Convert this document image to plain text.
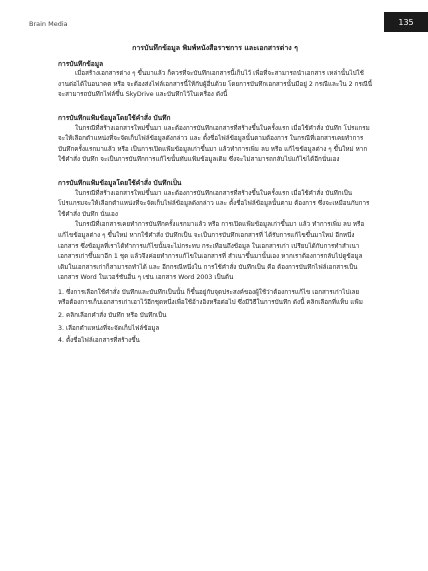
Brain Media	135
การบันทึกข้อมูล พิมพ์หนังสือราชการ และเอกสารต่าง ๆ
การบันทึกข้อมูล
เมื่อสร้างเอกสารต่าง ๆ ขึ้นมาแล้ว ก็ควรที่จะบันทึกเอกสารนี้เก็บไว้ เพื่อที่จะสามารถนำเอกสาร เหล่านั้นไปใช้งานต่อได้ในอนาคต หรือ จะต้องส่งไฟล์เอกสารนี้ให้กับผู้อื่นด้วย โดยการบันทึกเอกสารนั้นมีอยู่ 2 กรณีและใน 2 กรณีนี้จะสามารถบันทึกไฟล์ขึ้น SkyDrive และบันทึกไว้ในเครื่อง ดังนี้
การบันทึกแฟ้มข้อมูลโดยใช้คำสั่ง บันทึก
ในกรณีที่สร้างเอกสารใหม่ขึ้นมา และต้องการบันทึกเอกสารที่สร้างขึ้นในครั้งแรก เมื่อใช้คำสั่ง บันทึก โปรแกรมจะให้เลือกตำแหน่งที่จะจัดเก็บไฟล์ข้อมูลดังกล่าว และ ตั้งชื่อไฟล์ข้อมูลนั้นตามต้องการ ในกรณีที่เอกสารเคยทำการบันทึกครั้งแรกมาแล้ว หรือ เป็นการเปิดแฟ้มข้อมูลเก่าขึ้นมา แล้วทำการเพิ่ม ลบ หรือ แก้ไขข้อมูลต่าง ๆ ขึ้นใหม่ หากใช้คำสั่ง บันทึก จะเป็นการบันทึกการแก้ไขนั้นทับแฟ้มข้อมูลเดิม ซึ่งจะไม่สามารถกลับไปแก้ไขได้อีกนั่นเอง
การบันทึกแฟ้มข้อมูลโดยใช้คำสั่ง บันทึกเป็น
ในกรณีที่สร้างเอกสารใหม่ขึ้นมา และต้องการบันทึกเอกสารที่สร้างขึ้นในครั้งแรก เมื่อใช้คำสั่ง บันทึกเป็น โปรแกรมจะให้เลือกตำแหน่งที่จะจัดเก็บไฟล์ข้อมูลดังกล่าว และ ตั้งชื่อไฟล์ข้อมูลนั้นตาม ต้องการ ซึ่งจะเหมือนกับการใช้คำสั่ง บันทึก นั่นเอง
ในกรณีที่เอกสารเคยทำการบันทึกครั้งแรกมาแล้ว หรือ การเปิดแฟ้มข้อมูลเก่าขึ้นมา แล้ว ทำการเพิ่ม ลบ หรือ แก้ไขข้อมูลต่าง ๆ ขึ้นใหม่ หากใช้คำสั่ง บันทึกเป็น จะเป็นการบันทึกเอกสารที่ ได้รับการแก้ไขขึ้นมาใหม่ อีกหนึ่งเอกสาร ซึ่งข้อมูลที่เราได้ทำการแก้ไขนั้นจะไม่กระทบ กระเทือนถึงข้อมูล ในเอกสารเก่า เปรียบได้กับการทำสำเนาเอกสารเก่าขึ้นมาอีก 1 ชุด แล้วจึงค่อยทำการแก้ไขในเอกสารที่ สำเนาขึ้นมานั้นเอง หากเราต้องการกลับไปดูข้อมูลเดิมในเอกสารเก่าก็สามารถทำได้ และ อีกกรณีหนึ่งใน การใช้คำสั่ง บันทึกเป็น คือ ต้องการบันทึกไฟล์เอกสารเป็นเอกสาร Word ในเวอร์ชันอื่น ๆ เช่น เอกสาร Word 2003 เป็นต้น
1. ซึ่งการเลือกใช้คำสั่ง บันทึกและบันทึกเป็นนั้น ก็ขึ้นอยู่กับจุดประสงค์ของผู้ใช้ว่าต้องการแก้ไข เอกสารเก่าไปเลย หรือต้องการเก็บเอกสารเก่าเอาไว้อีกชุดหนึ่งเพื่อใช้อ้างอิงหรือต่อไป ซึ่งมีวิธีในการบันทึก ดังนี้ คลิกเลือกที่แท็บ แฟ้ม
2. คลิกเลือกคำสั่ง บันทึก หรือ บันทึกเป็น
3. เลือกตำแหน่งที่จะจัดเก็บไฟล์ข้อมูล
4. ตั้งชื่อไฟล์เอกสารที่สร้างขึ้น
